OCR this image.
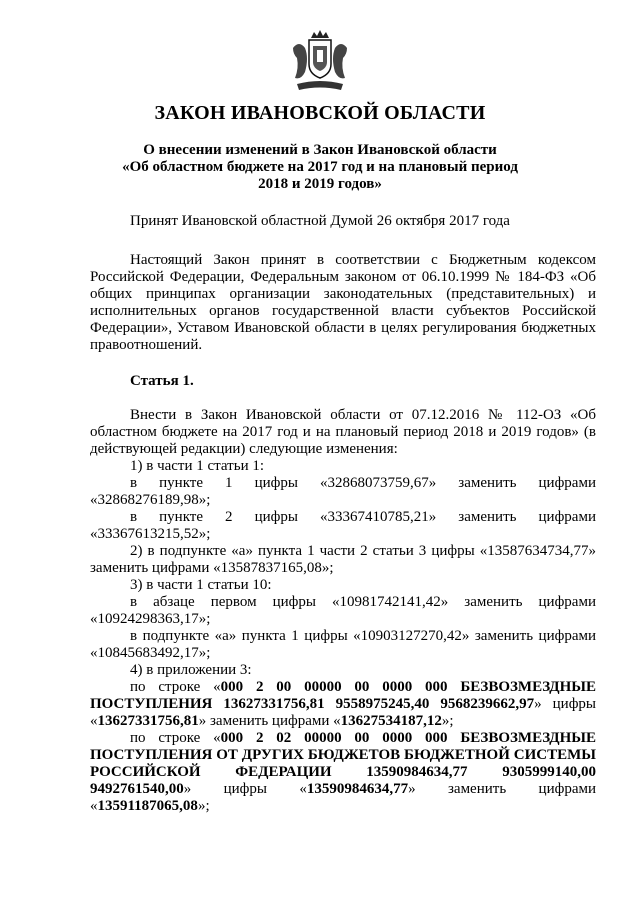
ЗАКОН ИВАНОВСКОЙ ОБЛАСТИ
О внесении изменений в Закон Ивановской области
«Об областном бюджете на 2017 год и на плановый период
2018 и 2019 годов»
Принят Ивановской областной Думой 26 октября 2017 года

Настоящий Закон принят в соответствии с Бюджетным кодексом Российской Федерации, Федеральным законом от 06.10.1999 № 184-ФЗ «Об общих принципах организации законодательных (представительных) и исполнительных органов государственной власти субъектов Российской Федерации», Уставом Ивановской области в целях регулирования бюджетных правоотношений.

Статья 1.

Внести в Закон Ивановской области от 07.12.2016 № 112-ОЗ «Об областном бюджете на 2017 год и на плановый период 2018 и 2019 годов» (в действующей редакции) следующие изменения:

1) в части 1 статьи 1:

в пункте 1 цифры «32868073759,67» заменить цифрами

«32868276189,98»;

в пункте 2 цифры «33367410785,21» заменить цифрами

«33367613215,52»;

2) в подпункте «а» пункта 1 части 2 статьи 3 цифры «13587634734,77» заменить цифрами «13587837165,08»;

3) в части 1 статьи 10:

в абзаце первом цифры «10981742141,42» заменить цифрами

«10924298363,17»;

в подпункте «а» пункта 1 цифры «10903127270,42» заменить цифрами «10845683492,17»;

4) в приложении 3:

по строке «000 2 00 00000 00 0000 000 БЕЗВОЗМЕЗДНЫЕ ПОСТУПЛЕНИЯ 13627331756,81 9558975245,40 9568239662,97» цифры «13627331756,81» заменить цифрами «13627534187,12»;

по строке «000 2 02 00000 00 0000 000 БЕЗВОЗМЕЗДНЫЕ ПОСТУПЛЕНИЯ ОТ ДРУГИХ БЮДЖЕТОВ БЮДЖЕТНОЙ СИСТЕМЫ РОССИЙСКОЙ ФЕДЕРАЦИИ 13590984634,77 9305999140,00 9492761540,00» цифры «13590984634,77» заменить цифрами «13591187065,08»;
